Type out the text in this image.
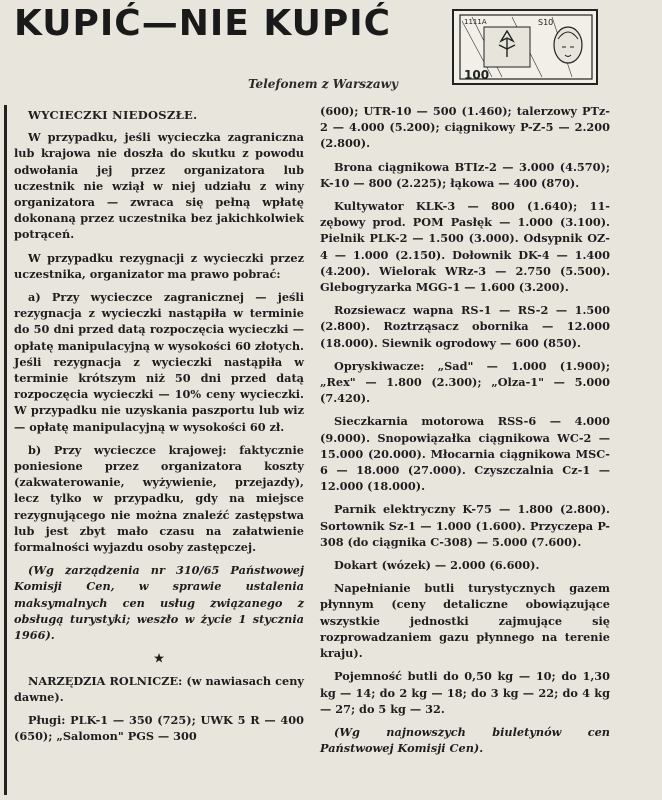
KUPIĆ—NIE KUPIĆ	1111A	S10
100
Telefonem z Warszawy
WYCIECZKI NIEDOSZŁE.

W przypadku, jeśli wycieczka zagraniczna lub krajowa nie doszła do skutku z powodu odwołania jej przez organizatora lub uczestnik nie wziął w niej udziału z winy organizatora — zwraca się pełną wpłatę dokonaną przez uczestnika bez jakichkolwiek potrąceń.

W przypadku rezygnacji z wycieczki przez uczestnika, organizator ma prawo pobrać:

a) Przy wycieczce zagranicznej — jeśli rezygnacja z wycieczki nastąpiła w terminie do 50 dni przed datą rozpoczęcia wycieczki — opłatę manipulacyjną w wysokości 60 złotych. Jeśli rezygnacja z wycieczki nastąpiła w terminie krótszym niż 50 dni przed datą rozpoczęcia wycieczki — 10% ceny wycieczki. W przypadku nie uzyskania paszportu lub wiz — opłatę manipulacyjną w wysokości 60 zł.

b) Przy wycieczce krajowej: faktycznie poniesione przez organizatora koszty (zakwaterowanie, wyżywienie, przejazdy), lecz tylko w przypadku, gdy na miejsce rezygnującego nie można znaleźć zastępstwa lub jest zbyt mało czasu na załatwienie formalności wyjazdu osoby zastępczej.

(Wg zarządzenia nr 310/65 Państwowej Komisji Cen, w sprawie ustalenia maksymalnych cen usług związanego z obsługą turystyki; weszło w życie 1 stycznia 1966).

★

NARZĘDZIA ROLNICZE: (w nawiasach ceny dawne).

Pługi: PLK-1 — 350 (725); UWK 5 R — 400 (650); „Salomon" PGS — 300

(600); UTR-10 — 500 (1.460); talerzowy PTz-2 — 4.000 (5.200); ciągnikowy P-Z-5 — 2.200 (2.800).

Brona ciągnikowa BTIz-2 — 3.000 (4.570); K-10 — 800 (2.225); łąkowa — 400 (870).

Kultywator KLK-3 — 800 (1.640); 11-zębowy prod. POM Pasłęk — 1.000 (3.100). Pielnik PLK-2 — 1.500 (3.000). Odsypnik OZ-4 — 1.000 (2.150). Dołownik DK-4 — 1.400 (4.200). Wielorak WRz-3 — 2.750 (5.500). Glebogryzarka MGG-1 — 1.600 (3.200).

Rozsiewacz wapna RS-1 — RS-2 — 1.500 (2.800). Roztrząsacz obornika — 12.000 (18.000). Siewnik ogrodowy — 600 (850).

Opryskiwacze: „Sad" — 1.000 (1.900); „Rex" — 1.800 (2.300); „Olza-1" — 5.000 (7.420).

Sieczkarnia motorowa RSS-6 — 4.000 (9.000). Snopowiązałka ciągnikowa WC-2 — 15.000 (20.000). Młocarnia ciągnikowa MSC-6 — 18.000 (27.000). Czyszczalnia Cz-1 — 12.000 (18.000).

Parnik elektryczny K-75 — 1.800 (2.800). Sortownik Sz-1 — 1.000 (1.600). Przyczepa P-308 (do ciągnika C-308) — 5.000 (7.600).

Dokart (wózek) — 2.000 (6.600).

Napełnianie butli turystycznych gazem płynnym (ceny detaliczne obowiązujące wszystkie jednostki zajmujące się rozprowadzaniem gazu płynnego na terenie kraju).

Pojemność butli do 0,50 kg — 10; do 1,30 kg — 14; do 2 kg — 18; do 3 kg — 22; do 4 kg — 27; do 5 kg — 32.

(Wg najnowszych biuletynów cen Państwowej Komisji Cen).
